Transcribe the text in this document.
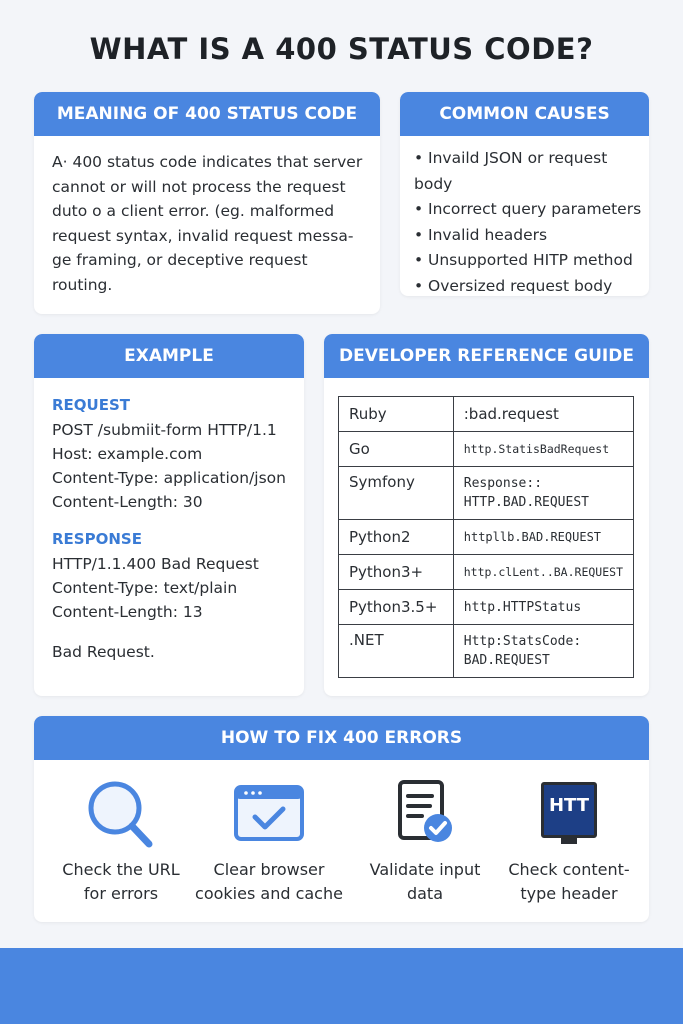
WHAT IS A 400 STATUS CODE?
MEANING OF 400 STATUS CODE
A· 400 status code indicates that server
cannot or will not process the request
duto o a client error. (eg. malformed
request syntax, invalid request messa-
ge framing, or deceptive request
routing.
COMMON CAUSES
• Invaild JSON or request body
• Incorrect query parameters
• Invalid headers
• Unsupported HITP method
• Oversized request body
EXAMPLE
REQUEST
POST /submiit-form HTTP/1.1
Host: example.com
Content-Type: application/json
Content-Length: 30
RESPONSE
HTTP/1.1.400 Bad Request
Content-Type: text/plain
Content-Length: 13
Bad Request.
DEVELOPER REFERENCE GUIDE
Ruby	:bad.request
Go	http.StatisBadRequest
Symfony	Response::
HTTP.BAD.REQUEST
Python2	httpllb.BAD.REQUEST
Python3+	http.clLent..BA.REQUEST
Python3.5+	http.HTTPStatus
.NET	Http:StatsCode:
BAD.REQUEST
HOW TO FIX 400 ERRORS
Check the URL
for errors
Clear browser
cookies and cache
Validate input
data
HTT
Check content-
type header
